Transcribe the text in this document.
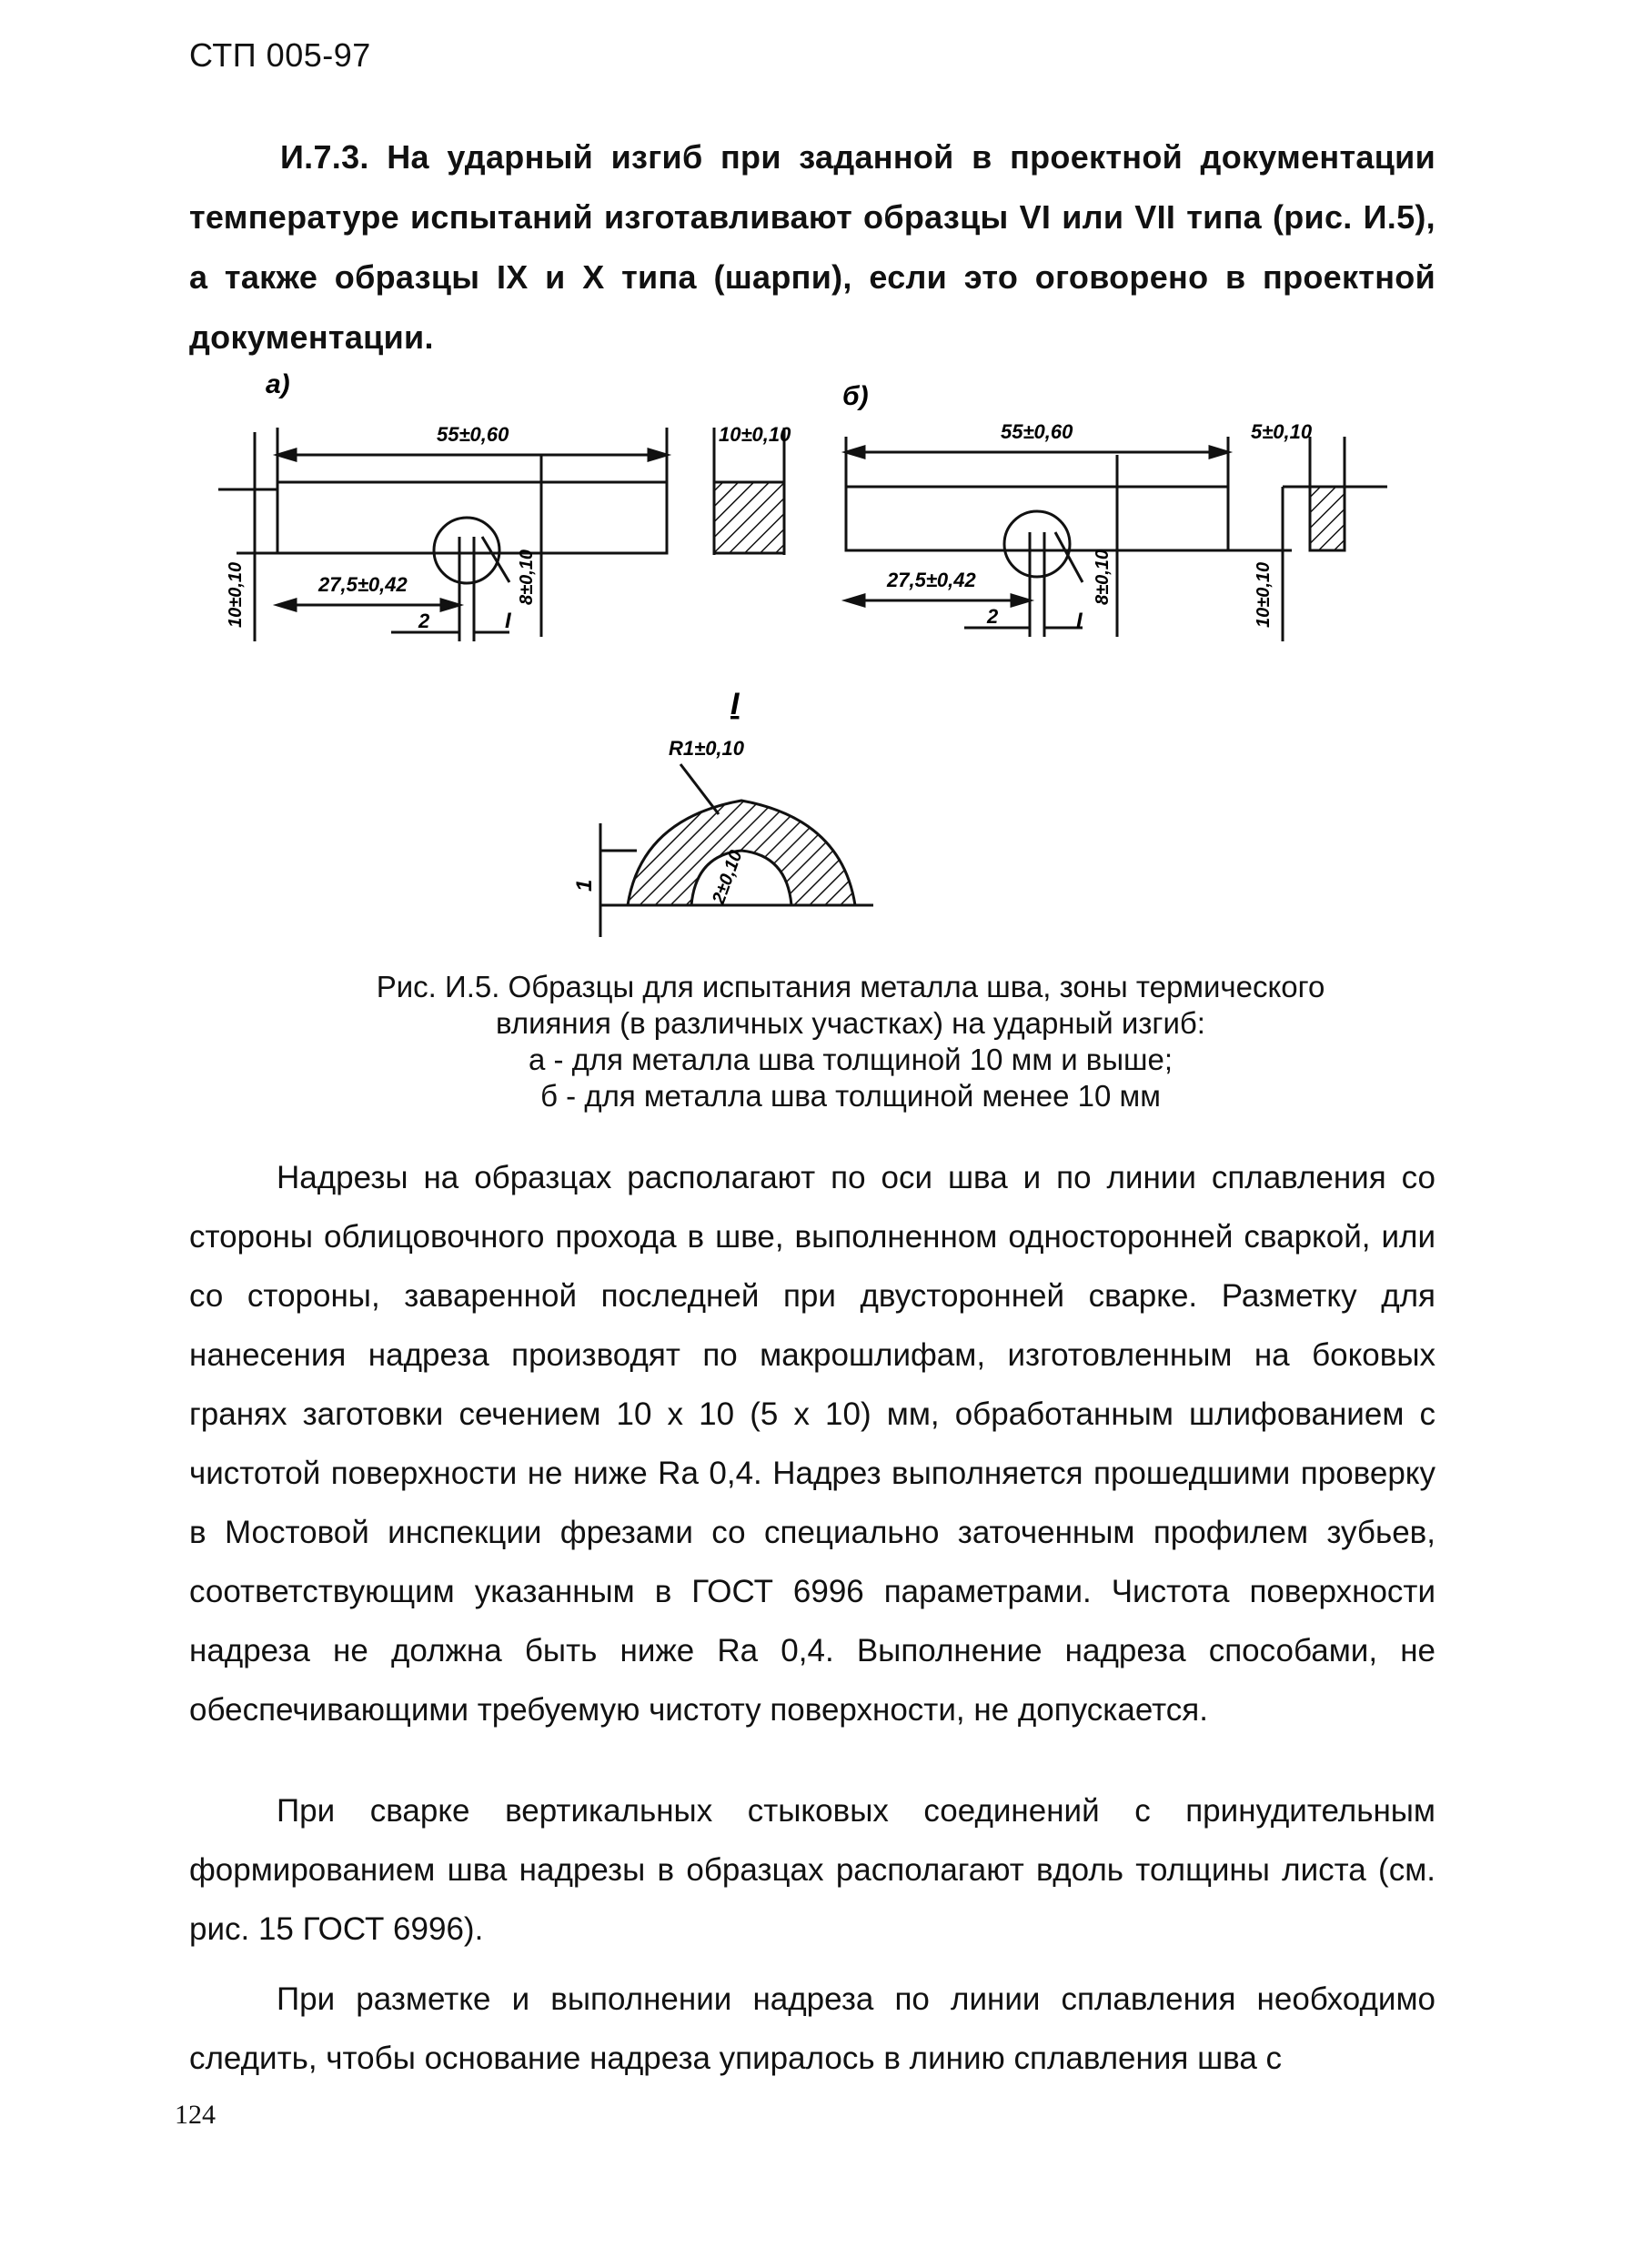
СТП 005-97
И.7.3. На ударный изгиб при заданной в проектной документации температуре испытаний изготавливают образцы VI или VII типа (рис. И.5), а также образцы IX и X типа (шарпи), если это оговорено в проектной документации.
а)
55±0,60
27,5±0,42
2	I
10±0,10	8±0,10
10±0,10
б)
55±0,60
27,5±0,42
2	I
8±0,10	10±0,10
5±0,10
I
R1±0,10
2±0,10
1
Рис. И.5. Образцы для испытания металла шва, зоны термического
влияния (в различных участках) на ударный изгиб:
а - для металла шва толщиной 10 мм и выше;
б - для металла шва толщиной менее 10 мм
Надрезы на образцах располагают по оси шва и по линии сплавления со стороны облицовочного прохода в шве, выполненном односторонней сваркой, или со стороны, заваренной последней при двусторонней сварке. Разметку для нанесения надреза производят по макрошлифам, изготовленным на боковых гранях заготовки сечением 10 х 10 (5 х 10) мм, обработанным шлифованием с чистотой поверхности не ниже Ra 0,4. Надрез выполняется прошедшими проверку в Мостовой инспекции фрезами со специально заточенным профилем зубьев, соответствующим указанным в ГОСТ 6996 параметрами. Чистота поверхности надреза не должна быть ниже Ra 0,4. Выполнение надреза способами, не обеспечивающими требуемую чистоту поверхности, не допускается.
При сварке вертикальных стыковых соединений с принудительным формированием шва надрезы в образцах располагают вдоль толщины листа (см. рис. 15 ГОСТ 6996).
При разметке и выполнении надреза по линии сплавления необходимо следить, чтобы основание надреза упиралось в линию сплавления шва с
124
